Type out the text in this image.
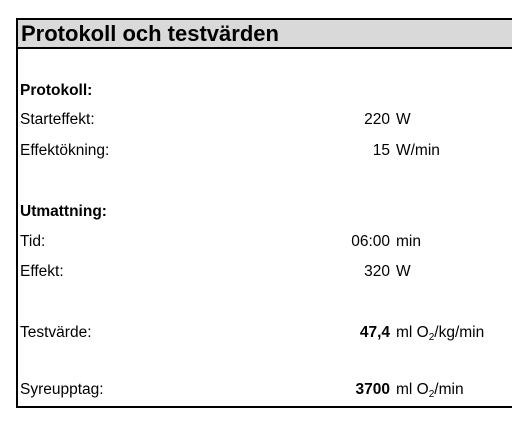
Protokoll och testvärden
Protokoll:
Starteffekt:	220 W
Effektökning:	15 W/min
Utmattning:
Tid:	06:00 min
Effekt:	320 W
Testvärde:	47,4 ml $O_2/kg/\min$
Syreupptag:	3700 ml $O_2/\min$
